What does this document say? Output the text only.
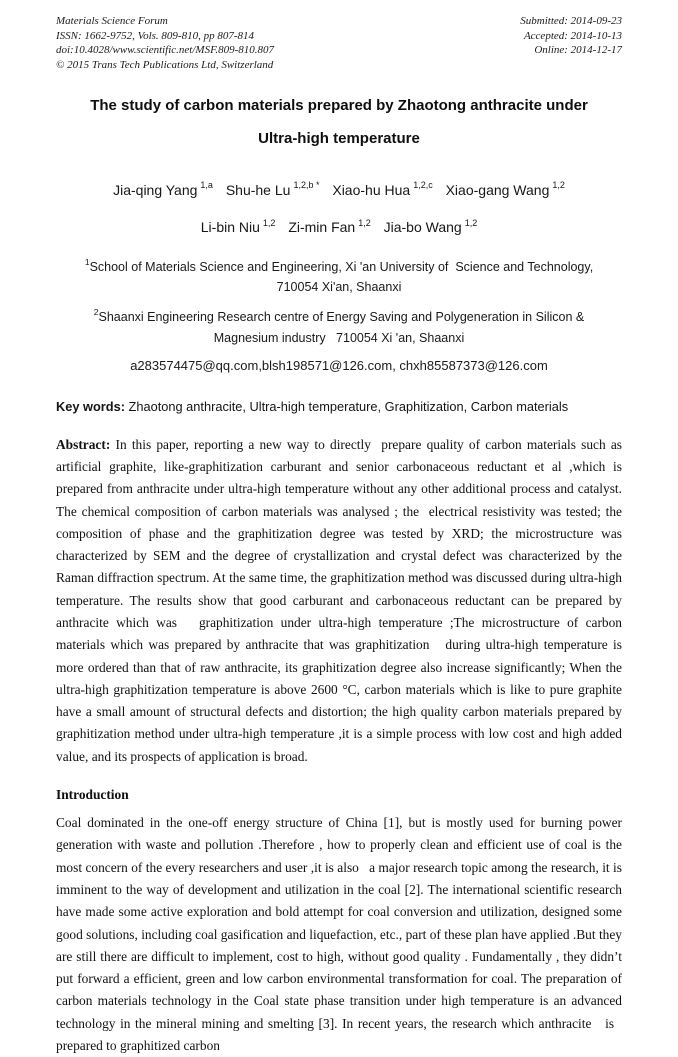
Materials Science Forum
ISSN: 1662-9752, Vols. 809-810, pp 807-814
doi:10.4028/www.scientific.net/MSF.809-810.807
© 2015 Trans Tech Publications Ltd, Switzerland
Submitted: 2014-09-23
Accepted: 2014-10-13
Online: 2014-12-17
The study of carbon materials prepared by Zhaotong anthracite under
Ultra-high temperature
Jia-qing Yang $^{1,a}$ Shu-he Lu $^{1,2,b *}$ Xiao-hu Hua $^{1,2,c}$ Xiao-gang Wang $^{1,2}$
Li-bin Niu $^{1,2}$ Zi-min Fan $^{1,2}$ Jia-bo Wang $^{1,2}$
$^1$School of Materials Science and Engineering, Xi 'an University of  Science and Technology,
710054 Xi'an, Shaanxi
$^2$Shaanxi Engineering Research centre of Energy Saving and Polygeneration in Silicon &
Magnesium industry   710054 Xi 'an, Shaanxi
a283574475@qq.com,blsh198571@126.com, chxh85587373@126.com
Key words: Zhaotong anthracite, Ultra-high temperature, Graphitization, Carbon materials
Abstract: In this paper, reporting a new way to directly  prepare quality of carbon materials such as artificial graphite, like-graphitization carburant and senior carbonaceous reductant et al ,which is prepared from anthracite under ultra-high temperature without any other additional process and catalyst. The chemical composition of carbon materials was analysed ; the  electrical resistivity was tested; the composition of phase and the graphitization degree was tested by XRD; the microstructure was characterized by SEM and the degree of crystallization and crystal defect was characterized by the Raman diffraction spectrum. At the same time, the graphitization method was discussed during ultra-high temperature. The results show that good carburant and carbonaceous reductant can be prepared by anthracite which was   graphitization under ultra-high temperature ;The microstructure of carbon materials which was prepared by anthracite that was graphitization   during ultra-high temperature is more ordered than that of raw anthracite, its graphitization degree also increase significantly; When the ultra-high graphitization temperature is above 2600 °C, carbon materials which is like to pure graphite have a small amount of structural defects and distortion; the high quality carbon materials prepared by graphitization method under ultra-high temperature ,it is a simple process with low cost and high added value, and its prospects of application is broad.
Introduction
Coal dominated in the one-off energy structure of China [1], but is mostly used for burning power generation with waste and pollution .Therefore , how to properly clean and efficient use of coal is the most concern of the every researchers and user ,it is also   a major research topic among the research, it is imminent to the way of development and utilization in the coal [2]. The international scientific research have made some active exploration and bold attempt for coal conversion and utilization, designed some good solutions, including coal gasification and liquefaction, etc., part of these plan have applied .But they are still there are difficult to implement, cost to high, without good quality . Fundamentally , they didn’t put forward a efficient, green and low carbon environmental transformation for coal. The preparation of carbon materials technology in the Coal state phase transition under high temperature is an advanced technology in the mineral mining and smelting [3]. In recent years, the research which anthracite   is   prepared to graphitized carbon
